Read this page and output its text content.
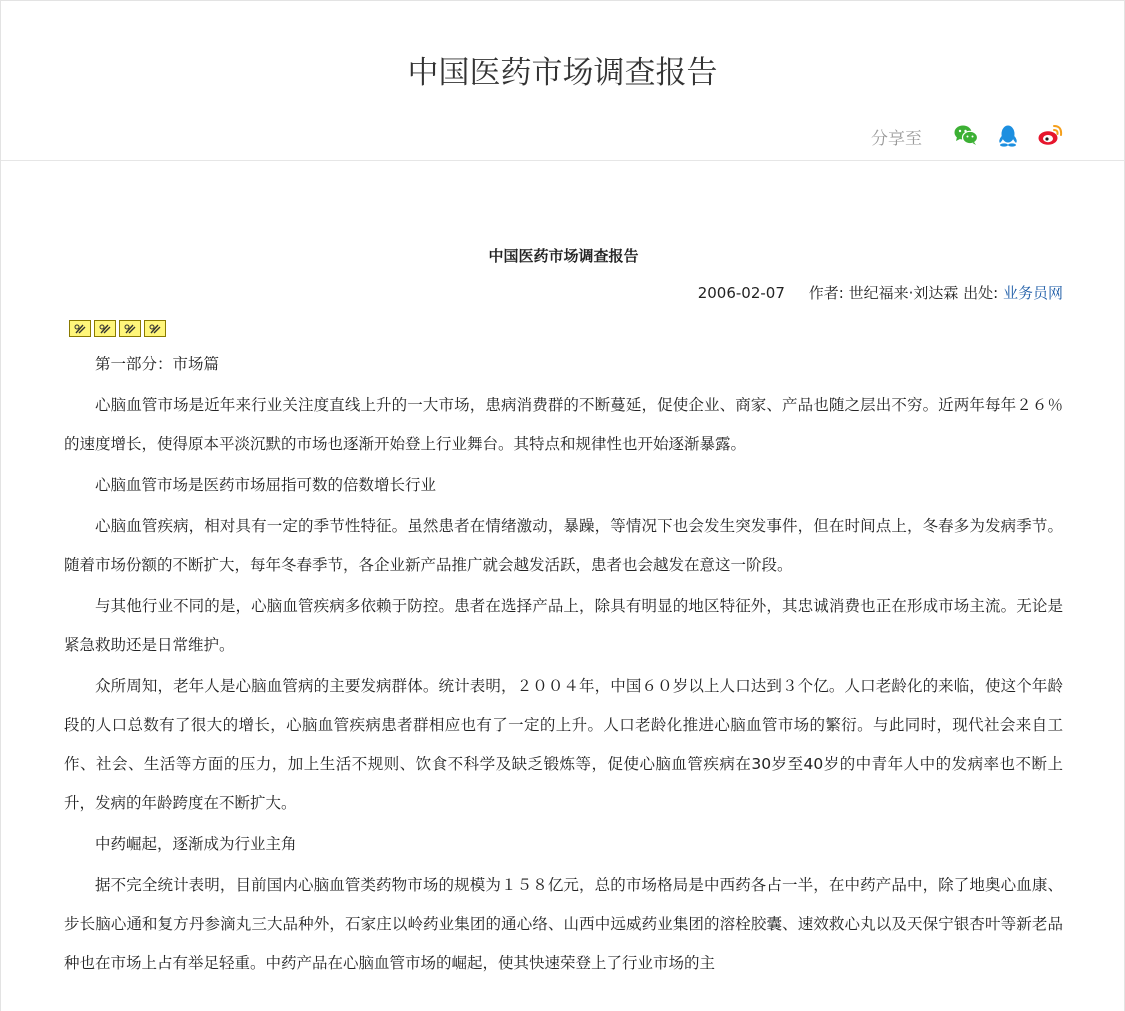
中国医药市场调查报告
分享至
中国医药市场调查报告
2006-02-07 作者: 世纪福来·刘达霖 出处: 业务员网

第一部分：市场篇

心脑血管市场是近年来行业关注度直线上升的一大市场，患病消费群的不断蔓延，促使企业、商家、产品也随之层出不穷。近两年每年２６％的速度增长，使得原本平淡沉默的市场也逐渐开始登上行业舞台。其特点和规律性也开始逐渐暴露。

心脑血管市场是医药市场屈指可数的倍数增长行业

心脑血管疾病，相对具有一定的季节性特征。虽然患者在情绪激动，暴躁，等情况下也会发生突发事件，但在时间点上，冬春多为发病季节。随着市场份额的不断扩大，每年冬春季节，各企业新产品推广就会越发活跃，患者也会越发在意这一阶段。

与其他行业不同的是，心脑血管疾病多依赖于防控。患者在选择产品上，除具有明显的地区特征外，其忠诚消费也正在形成市场主流。无论是紧急救助还是日常维护。

众所周知，老年人是心脑血管病的主要发病群体。统计表明，２００４年，中国６０岁以上人口达到３个亿。人口老龄化的来临，使这个年龄段的人口总数有了很大的增长，心脑血管疾病患者群相应也有了一定的上升。人口老龄化推进心脑血管市场的繁衍。与此同时，现代社会来自工作、社会、生活等方面的压力，加上生活不规则、饮食不科学及缺乏锻炼等，促使心脑血管疾病在30岁至40岁的中青年人中的发病率也不断上升，发病的年龄跨度在不断扩大。

中药崛起，逐渐成为行业主角

据不完全统计表明，目前国内心脑血管类药物市场的规模为１５８亿元，总的市场格局是中西药各占一半，在中药产品中，除了地奥心血康、步长脑心通和复方丹参滴丸三大品种外，石家庄以岭药业集团的通心络、山西中远威药业集团的溶栓胶囊、速效救心丸以及天保宁银杏叶等新老品种也在市场上占有举足轻重。中药产品在心脑血管市场的崛起，使其快速荣登上了行业市场的主
